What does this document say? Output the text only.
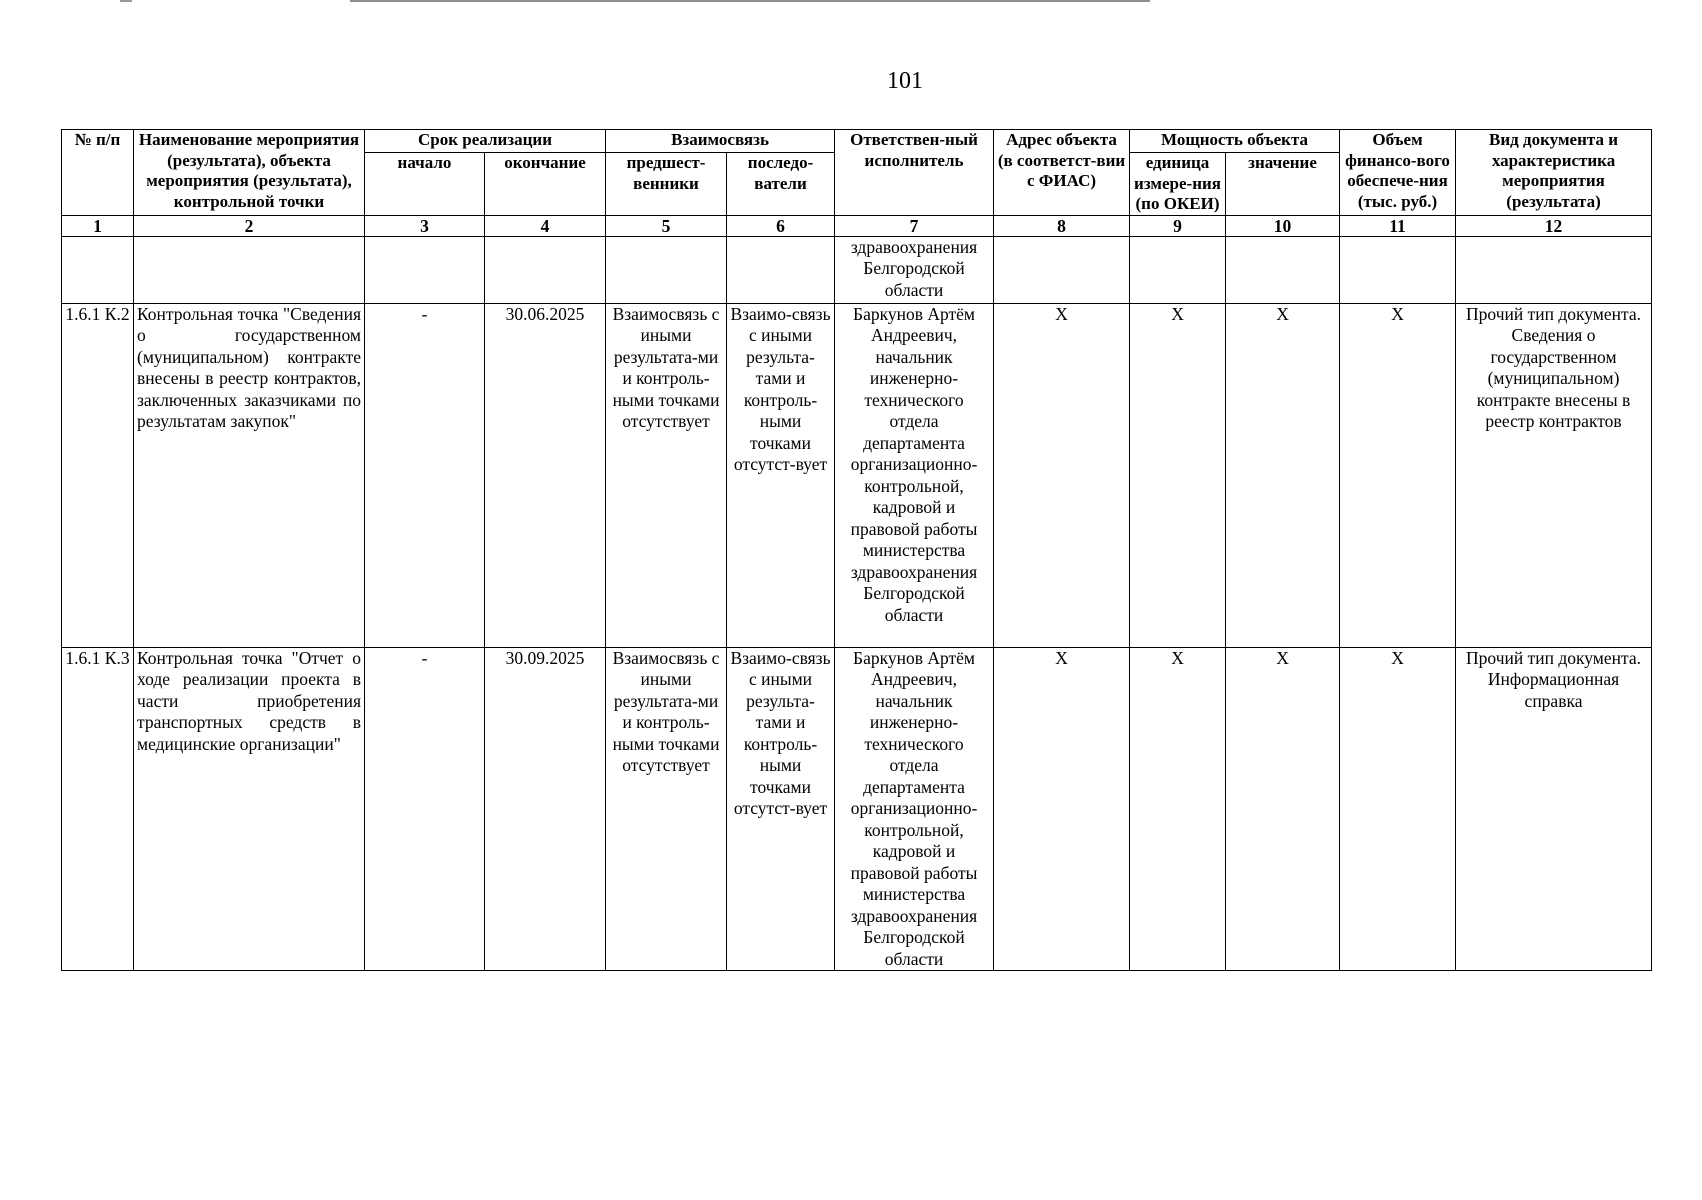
101
№ п/п	Наименование мероприятия (результата), объекта мероприятия (результата), контрольной точки	Срок реализации		Взаимосвязь		Ответствен-ный исполнитель	Адрес объекта (в соответст-вии с ФИАС)	Мощность объекта		Объем финансо-вого обеспече-ния (тыс. руб.)	Вид документа и характеристика мероприятия (результата)
		начало	окончание	предшест-венники	последо-ватели			единица измере-ния (по ОКЕИ)	значение		
1	2	3	4	5	6	7	8	9	10	11	12
						здравоохранения Белгородской области					
1.6.1 К.2	Контрольная точка "Сведения о государственном (муниципальном) контракте внесены в реестр контрактов, заключенных заказчиками по результатам закупок"	-	30.06.2025	Взаимосвязь с иными результата-ми и контроль-ными точками отсутствует	Взаимо-связь с иными результа-тами и контроль-ными точками отсутст-вует	Баркунов Артём Андреевич, начальник инженерно-технического отдела департамента организационно-контрольной, кадровой и правовой работы министерства здравоохранения Белгородской области	X	X	X	X	Прочий тип документа. Сведения о государственном (муниципальном) контракте внесены в реестр контрактов
1.6.1 К.3	Контрольная точка "Отчет о ходе реализации проекта в части приобретения транспортных средств в медицинские организации"	-	30.09.2025	Взаимосвязь с иными результата-ми и контроль-ными точками отсутствует	Взаимо-связь с иными результа-тами и контроль-ными точками отсутст-вует	Баркунов Артём Андреевич, начальник инженерно-технического отдела департамента организационно-контрольной, кадровой и правовой работы министерства здравоохранения Белгородской области	X	X	X	X	Прочий тип документа. Информационная справка
